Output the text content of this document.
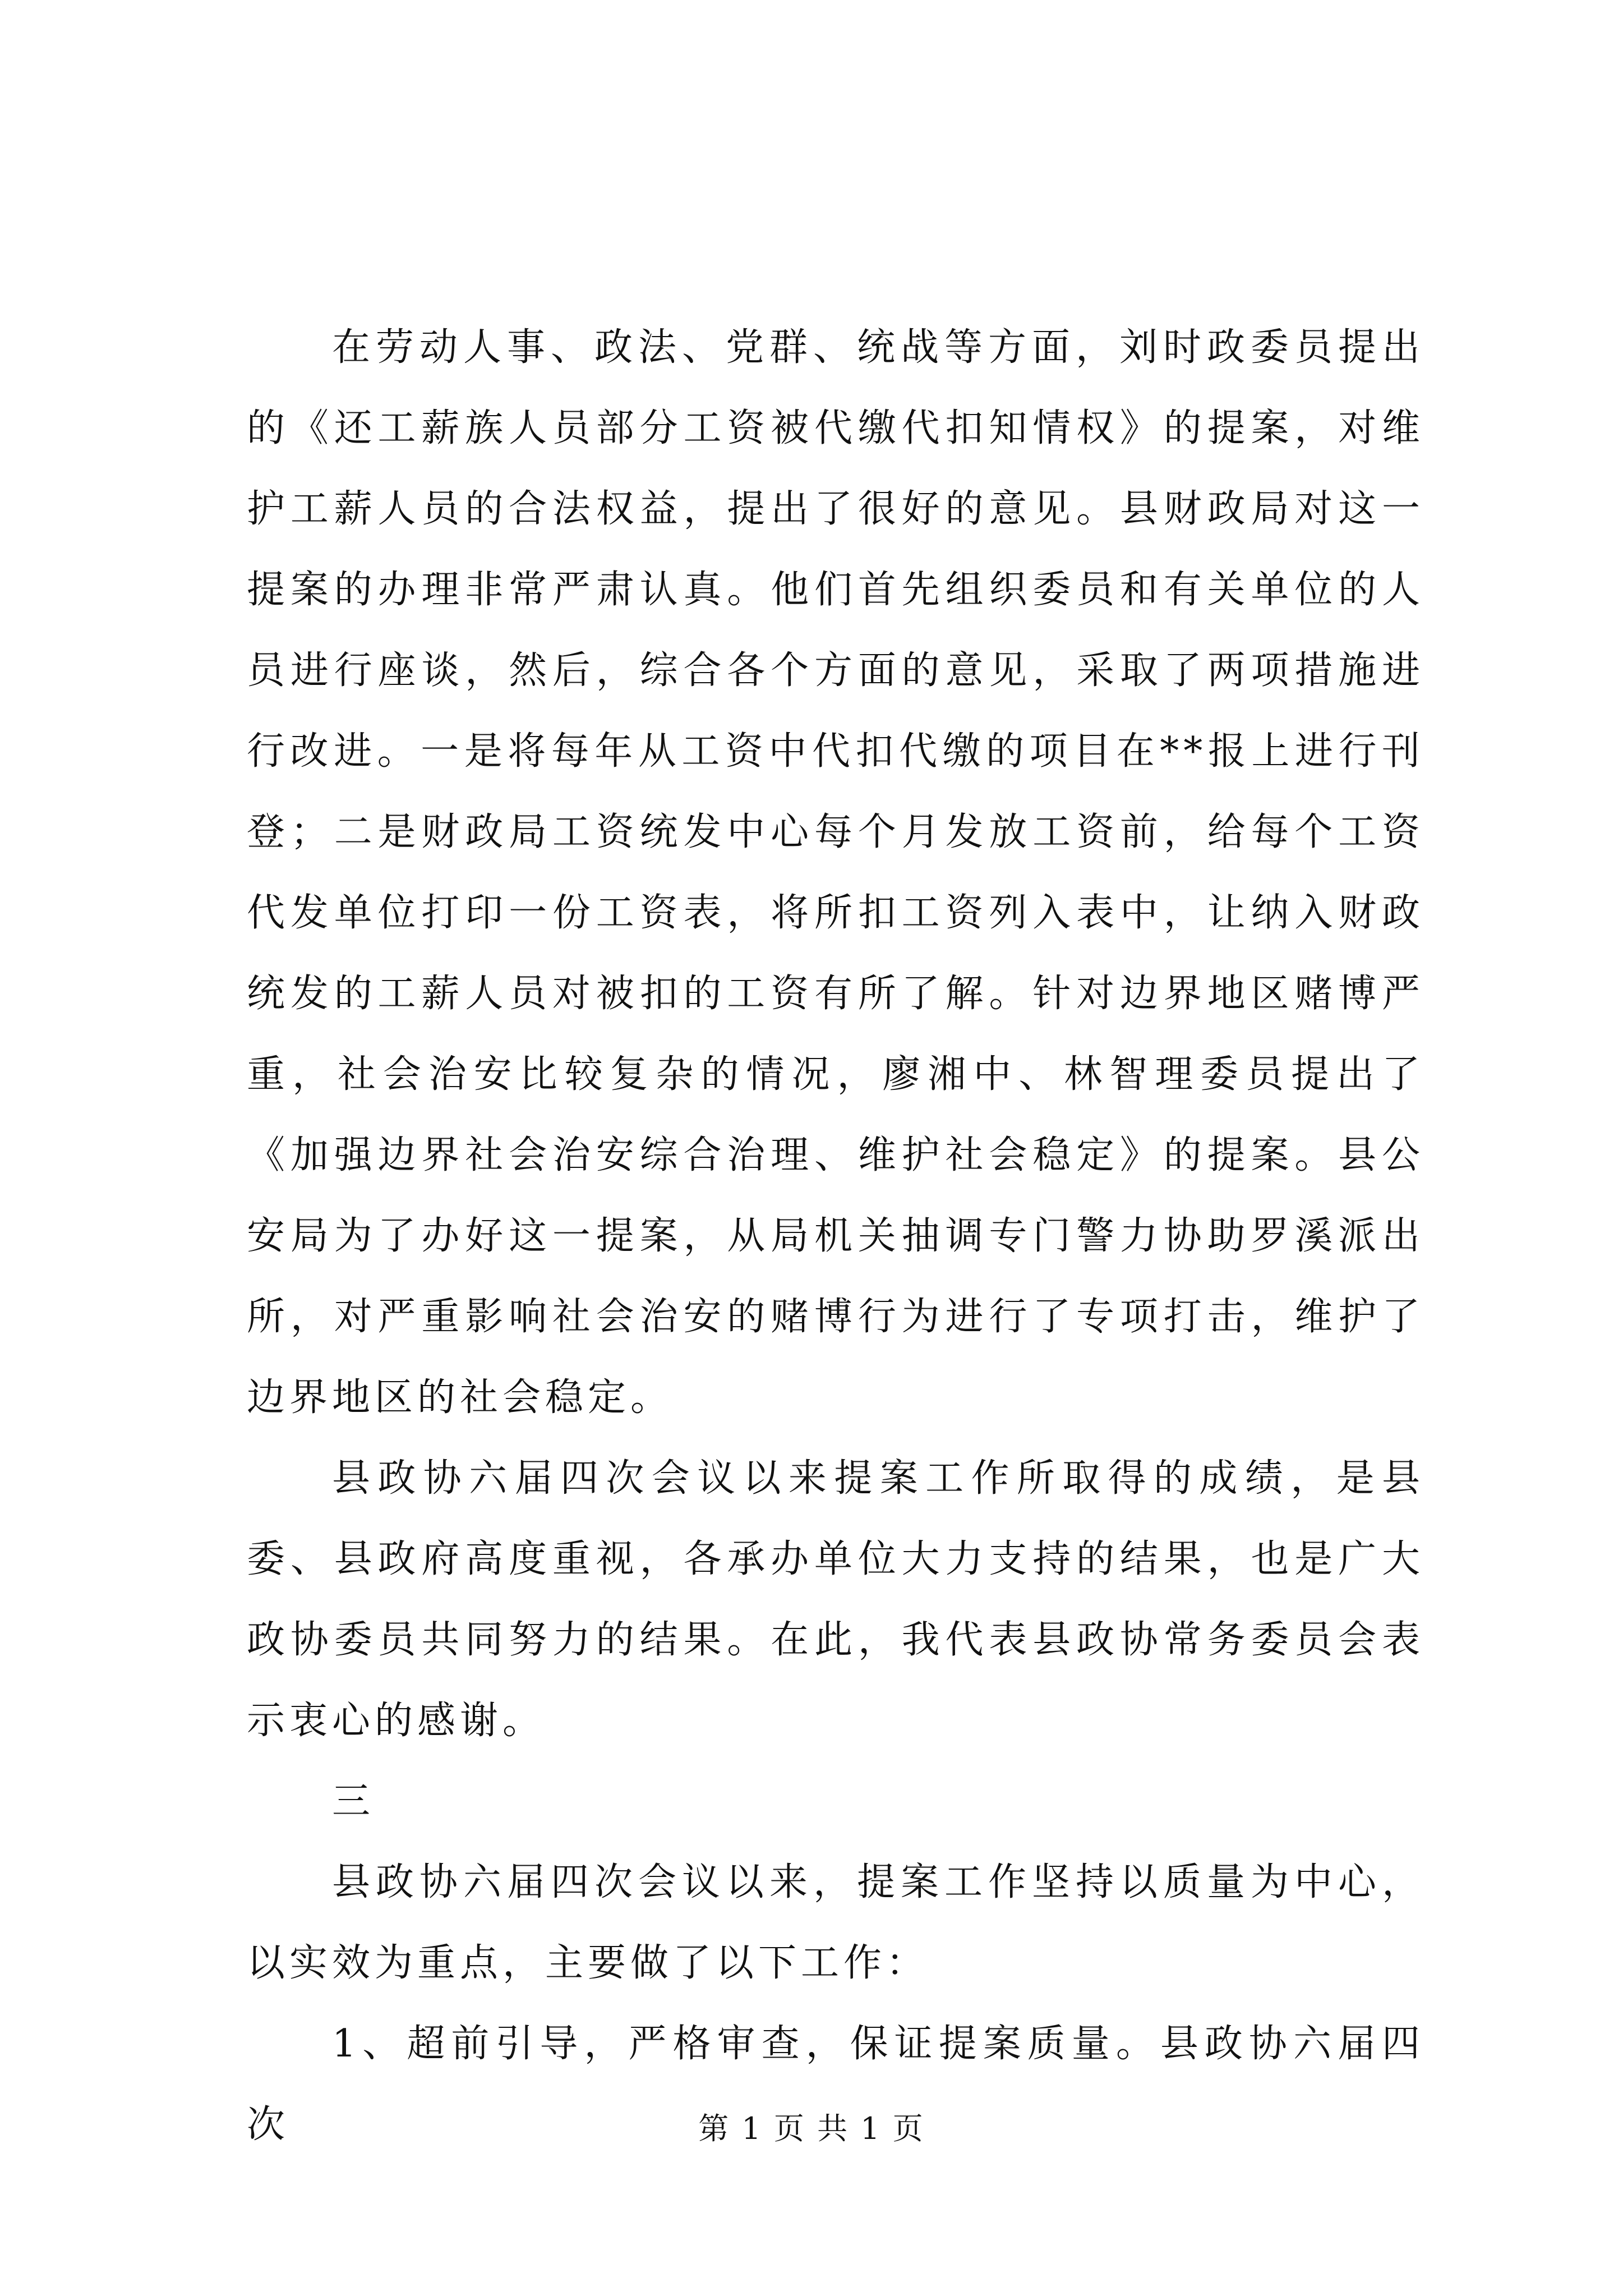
在劳动人事、政法、党群、统战等方面，刘时政委员提出的《还工薪族人员部分工资被代缴代扣知情权》的提案，对维护工薪人员的合法权益，提出了很好的意见。县财政局对这一提案的办理非常严肃认真。他们首先组织委员和有关单位的人员进行座谈，然后，综合各个方面的意见，采取了两项措施进行改进。一是将每年从工资中代扣代缴的项目在**报上进行刊登；二是财政局工资统发中心每个月发放工资前，给每个工资代发单位打印一份工资表，将所扣工资列入表中，让纳入财政统发的工薪人员对被扣的工资有所了解。针对边界地区赌博严重，社会治安比较复杂的情况，廖湘中、林智理委员提出了《加强边界社会治安综合治理、维护社会稳定》的提案。县公安局为了办好这一提案，从局机关抽调专门警力协助罗溪派出所，对严重影响社会治安的赌博行为进行了专项打击，维护了边界地区的社会稳定。

县政协六届四次会议以来提案工作所取得的成绩，是县委、县政府高度重视，各承办单位大力支持的结果，也是广大政协委员共同努力的结果。在此，我代表县政协常务委员会表示衷心的感谢。

三

县政协六届四次会议以来，提案工作坚持以质量为中心，以实效为重点，主要做了以下工作：

1、超前引导，严格审查，保证提案质量。县政协六届四次	第 1 页 共 1 页
